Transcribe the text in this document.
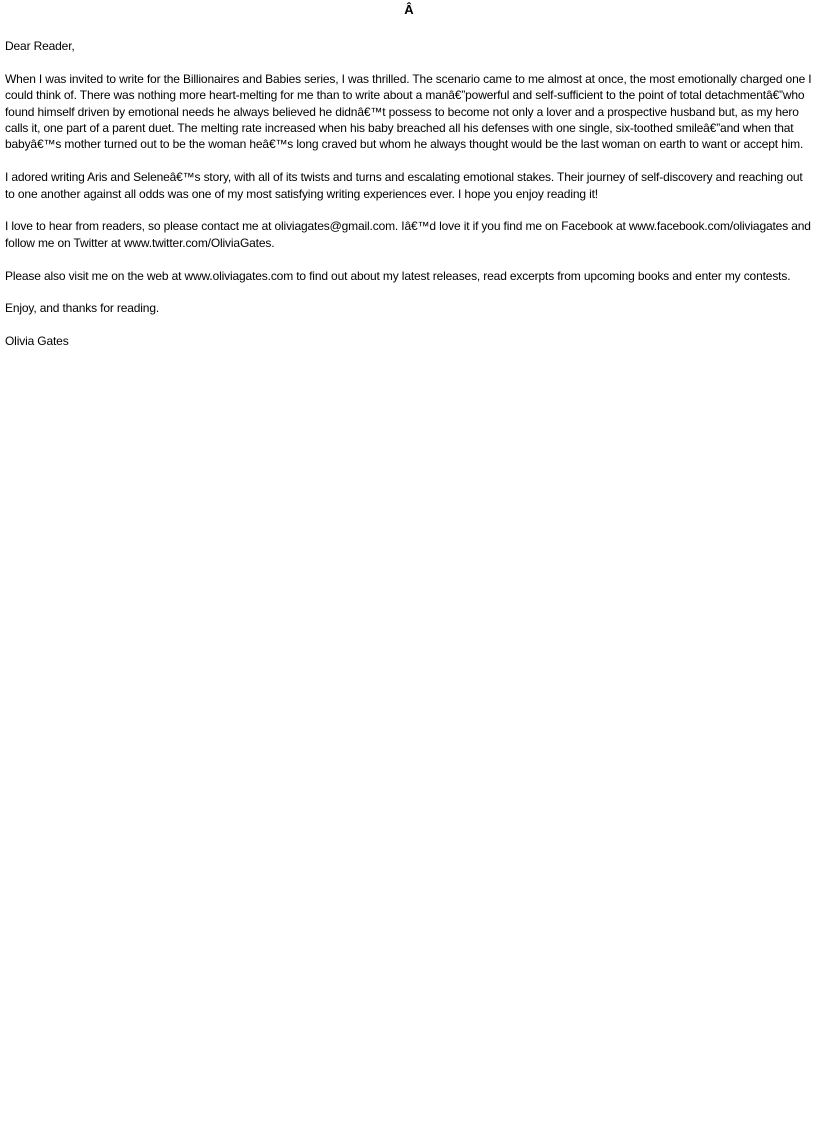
Â

Dear Reader,

When I was invited to write for the Billionaires and Babies series, I was thrilled. The scenario came to me almost at once, the most emotionally charged one I could think of. There was nothing more heart-melting for me than to write about a manâ€”powerful and self-sufficient to the point of total detachmentâ€”who found himself driven by emotional needs he always believed he didnâ€™t possess to become not only a lover and a prospective husband but, as my hero calls it, one part of a parent duet. The melting rate increased when his baby breached all his defenses with one single, six-toothed smileâ€”and when that babyâ€™s mother turned out to be the woman heâ€™s long craved but whom he always thought would be the last woman on earth to want or accept him.

I adored writing Aris and Seleneâ€™s story, with all of its twists and turns and escalating emotional stakes. Their journey of self-discovery and reaching out to one another against all odds was one of my most satisfying writing experiences ever. I hope you enjoy reading it!

I love to hear from readers, so please contact me at oliviagates@gmail.com. Iâ€™d love it if you find me on Facebook at www.facebook.com/oliviagates and follow me on Twitter at www.twitter.com/OliviaGates.

Please also visit me on the web at www.oliviagates.com to find out about my latest releases, read excerpts from upcoming books and enter my contests.

Enjoy, and thanks for reading.

Olivia Gates
